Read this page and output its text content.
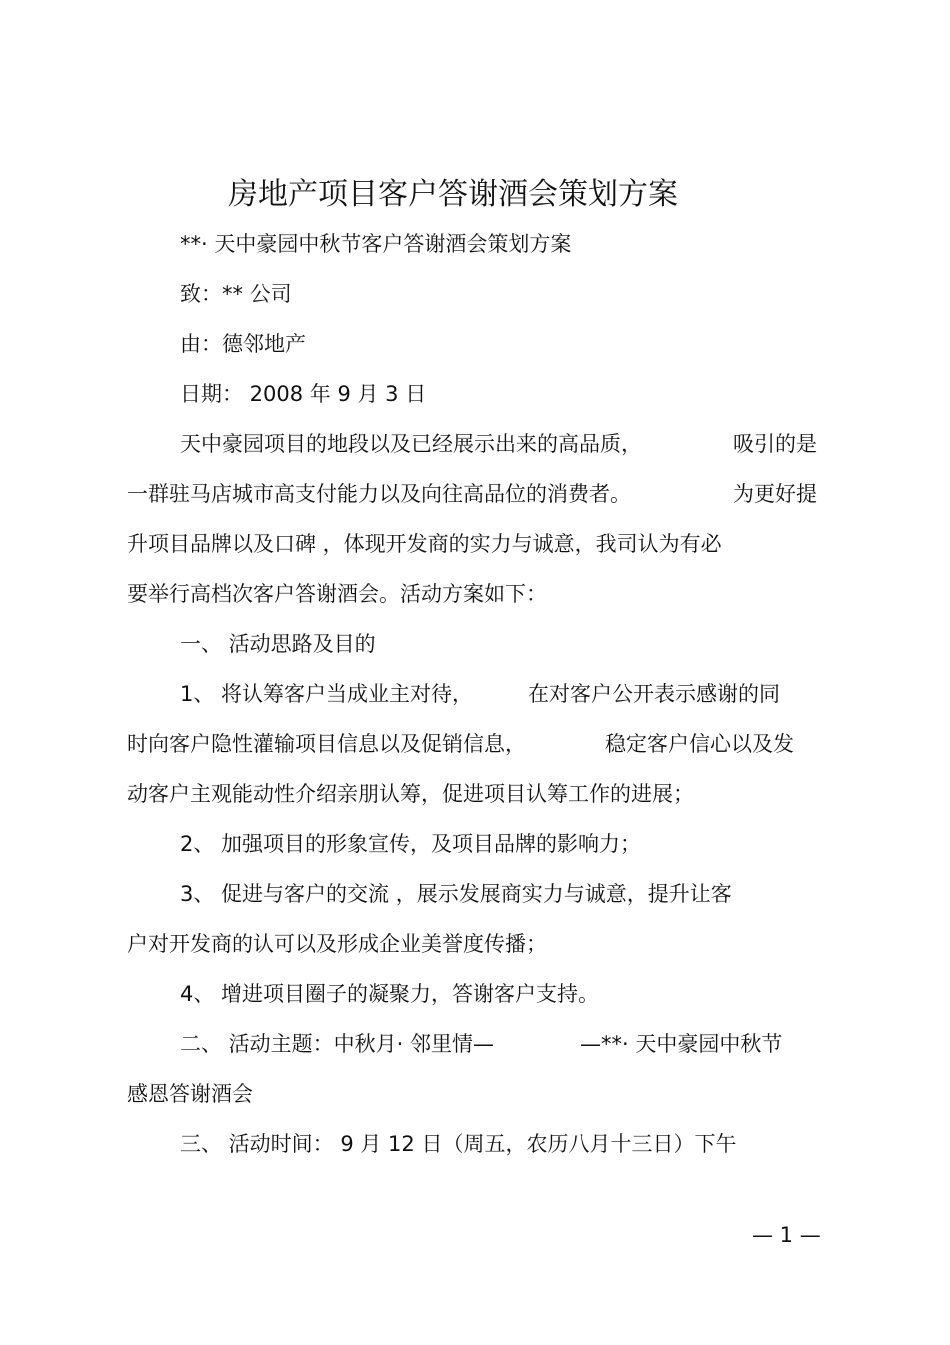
房地产项目客户答谢酒会策划方案
**· 天中豪园中秋节客户答谢酒会策划方案
致：** 公司
由：德邻地产
日期： 2008 年 9 月 3 日
天中豪园项目的地段以及已经展示出来的高品质，	吸引的是
一群驻马店城市高支付能力以及向往高品位的消费者。	为更好提
升项目品牌以及口碑 ，体现开发商的实力与诚意，我司认为有必
要举行高档次客户答谢酒会。活动方案如下：
一、 活动思路及目的
1、 将认筹客户当成业主对待，	在对客户公开表示感谢的同
时向客户隐性灌输项目信息以及促销信息，	稳定客户信心以及发
动客户主观能动性介绍亲朋认筹，促进项目认筹工作的进展；
2、 加强项目的形象宣传，及项目品牌的影响力；
3、 促进与客户的交流 ，展示发展商实力与诚意，提升让客
户对开发商的认可以及形成企业美誉度传播；
4、 增进项目圈子的凝聚力，答谢客户支持。
二、 活动主题：中秋月· 邻里情—	—**· 天中豪园中秋节
感恩答谢酒会
三、 活动时间： 9 月 12 日（周五，农历八月十三日）下午
— 1 —
